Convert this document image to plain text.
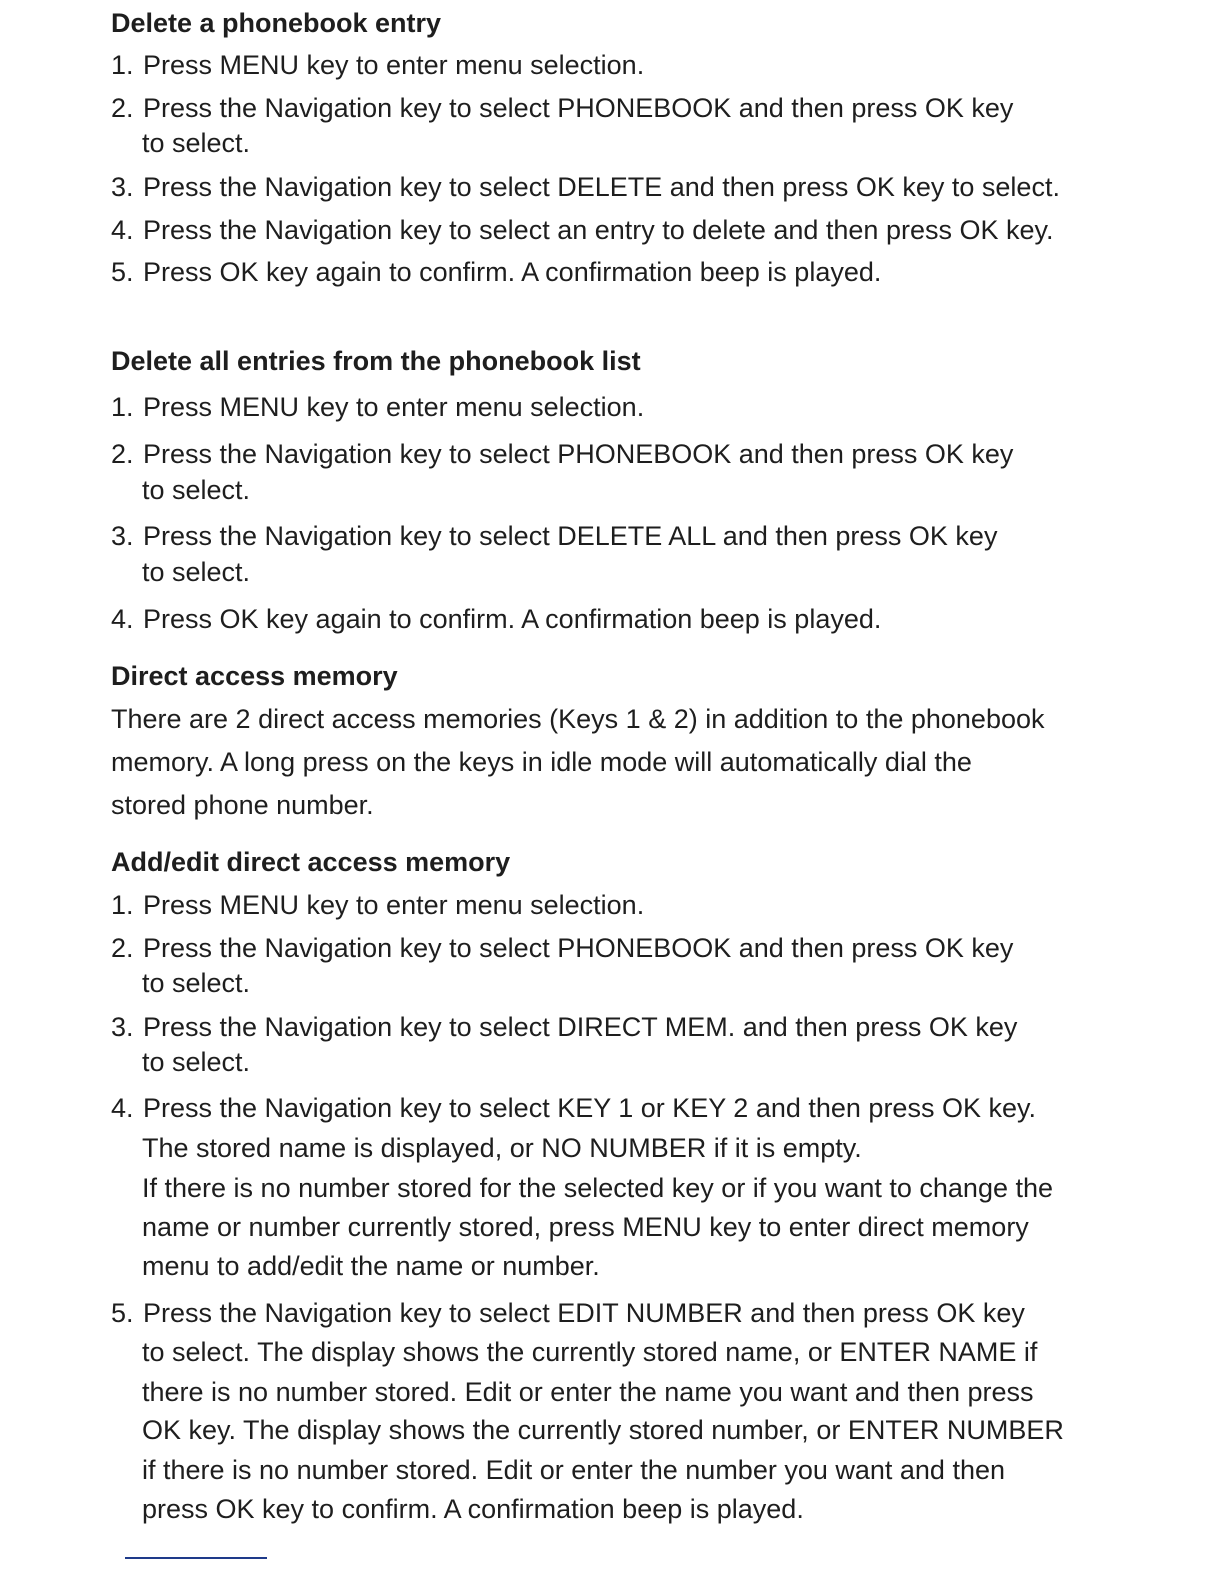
Delete a phonebook entry
1. Press MENU key to enter menu selection.
2. Press the Navigation key to select PHONEBOOK and then press OK key
to select.
3. Press the Navigation key to select DELETE and then press OK key to select.
4. Press the Navigation key to select an entry to delete and then press OK key.
5. Press OK key again to confirm. A confirmation beep is played.
Delete all entries from the phonebook list
1. Press MENU key to enter menu selection.
2. Press the Navigation key to select PHONEBOOK and then press OK key
to select.
3. Press the Navigation key to select DELETE ALL and then press OK key
to select.
4. Press OK key again to confirm. A confirmation beep is played.
Direct access memory
There are 2 direct access memories (Keys 1 & 2) in addition to the phonebook
memory. A long press on the keys in idle mode will automatically dial the
stored phone number.
Add/edit direct access memory
1. Press MENU key to enter menu selection.
2. Press the Navigation key to select PHONEBOOK and then press OK key
to select.
3. Press the Navigation key to select DIRECT MEM. and then press OK key
to select.
4. Press the Navigation key to select KEY 1 or KEY 2 and then press OK key.
The stored name is displayed, or NO NUMBER if it is empty.
If there is no number stored for the selected key or if you want to change the
name or number currently stored, press MENU key to enter direct memory
menu to add/edit the name or number.
5. Press the Navigation key to select EDIT NUMBER and then press OK key
to select. The display shows the currently stored name, or ENTER NAME if
there is no number stored. Edit or enter the name you want and then press
OK key. The display shows the currently stored number, or ENTER NUMBER
if there is no number stored. Edit or enter the number you want and then
press OK key to confirm. A confirmation beep is played.
